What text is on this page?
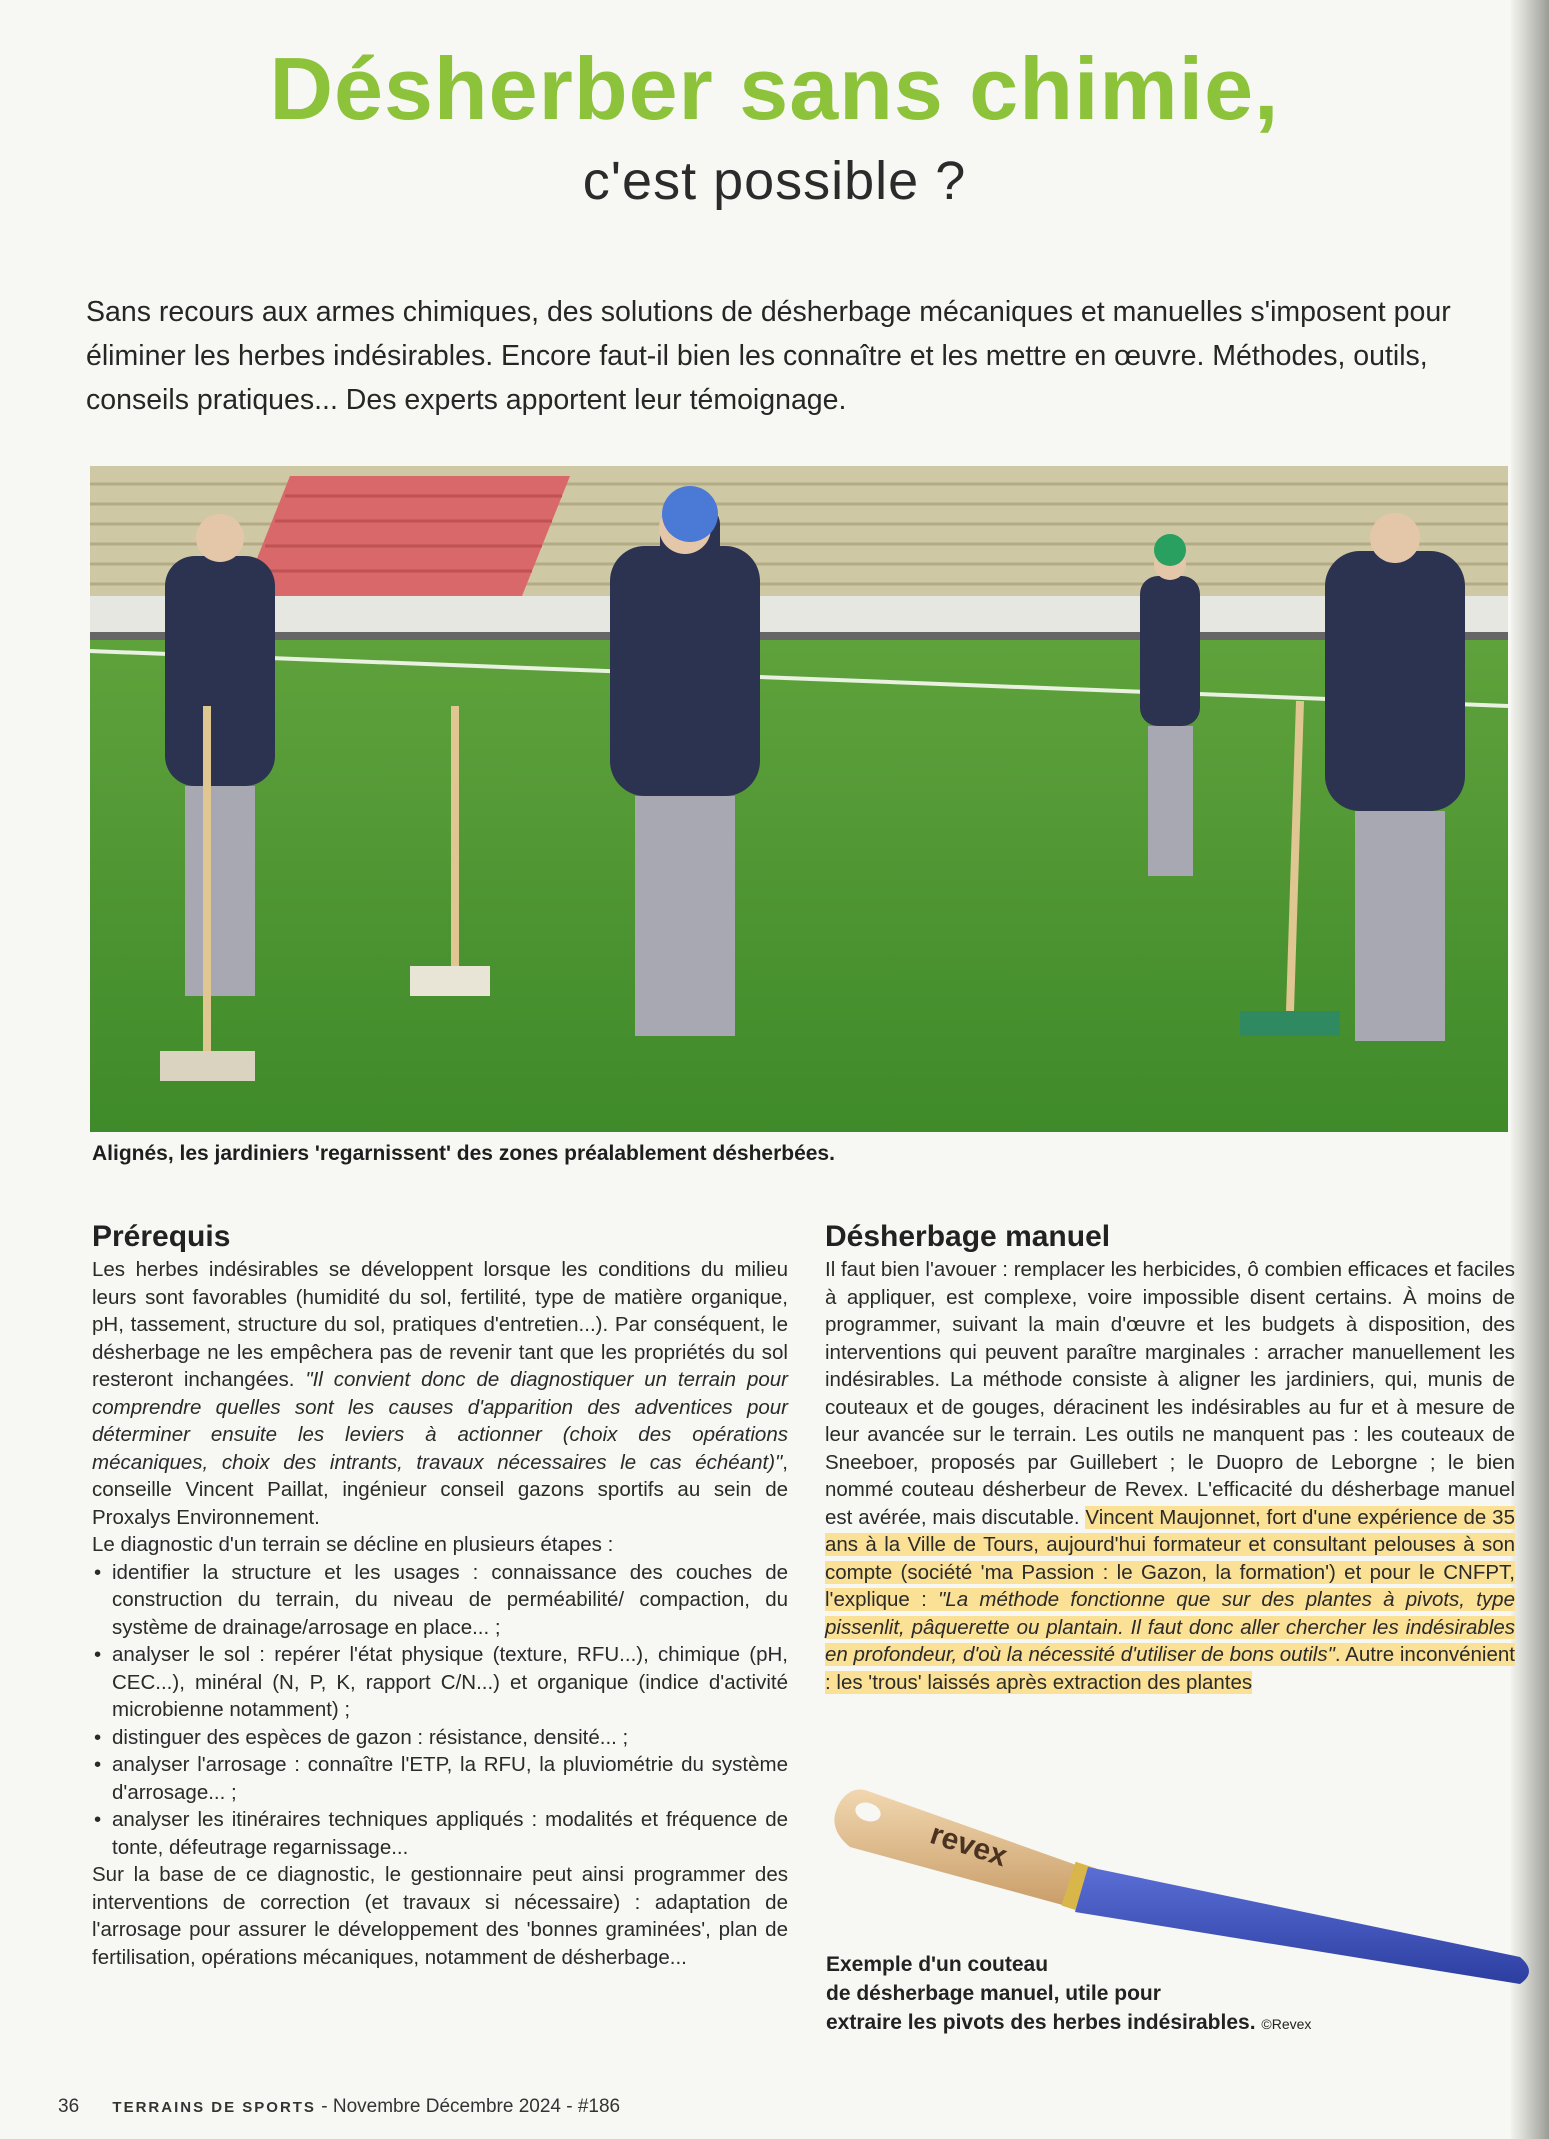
Désherber sans chimie,
c'est possible ?

Sans recours aux armes chimiques, des solutions de désherbage mécaniques et manuelles s'imposent pour éliminer les herbes indésirables. Encore faut-il bien les connaître et les mettre en œuvre. Méthodes, outils, conseils pratiques... Des experts apportent leur témoignage.

Alignés, les jardiniers 'regarnissent' des zones préalablement désherbées.

Prérequis

Les herbes indésirables se développent lorsque les conditions du milieu leurs sont favorables (humidité du sol, fertilité, type de matière organique, pH, tassement, structure du sol, pratiques d'entretien...). Par conséquent, le désherbage ne les empêchera pas de revenir tant que les propriétés du sol resteront inchangées. "Il convient donc de diagnostiquer un terrain pour comprendre quelles sont les causes d'apparition des adventices pour déterminer ensuite les leviers à actionner (choix des opérations mécaniques, choix des intrants, travaux nécessaires le cas échéant)", conseille Vincent Paillat, ingénieur conseil gazons sportifs au sein de Proxalys Environnement.

Le diagnostic d'un terrain se décline en plusieurs étapes :

• identifier la structure et les usages : connaissance des couches de construction du terrain, du niveau de perméabilité/ compaction, du système de drainage/arrosage en place... ;
• analyser le sol : repérer l'état physique (texture, RFU...), chimique (pH, CEC...), minéral (N, P, K, rapport C/N...) et organique (indice d'activité microbienne notamment) ;
• distinguer des espèces de gazon : résistance, densité... ;
• analyser l'arrosage : connaître l'ETP, la RFU, la pluviométrie du système d'arrosage... ;
• analyser les itinéraires techniques appliqués : modalités et fréquence de tonte, défeutrage regarnissage...

Sur la base de ce diagnostic, le gestionnaire peut ainsi programmer des interventions de correction (et travaux si nécessaire) : adaptation de l'arrosage pour assurer le développement des 'bonnes graminées', plan de fertilisation, opérations mécaniques, notamment de désherbage...

Désherbage manuel

Il faut bien l'avouer : remplacer les herbicides, ô combien efficaces et faciles à appliquer, est complexe, voire impossible disent certains. À moins de programmer, suivant la main d'œuvre et les budgets à disposition, des interventions qui peuvent paraître marginales : arracher manuellement les indésirables. La méthode consiste à aligner les jardiniers, qui, munis de couteaux et de gouges, déracinent les indésirables au fur et à mesure de leur avancée sur le terrain. Les outils ne manquent pas : les couteaux de Sneeboer, proposés par Guillebert ; le Duopro de Leborgne ; le bien nommé couteau désherbeur de Revex. L'efficacité du désherbage manuel est avérée, mais discutable. Vincent Maujonnet, fort d'une expérience de 35 ans à la Ville de Tours, aujourd'hui formateur et consultant pelouses à son compte (société 'ma Passion : le Gazon, la formation') et pour le CNFPT, l'explique : "La méthode fonctionne que sur des plantes à pivots, type pissenlit, pâquerette ou plantain. Il faut donc aller chercher les indésirables en profondeur, d'où la nécessité d'utiliser de bons outils". Autre inconvénient : les 'trous' laissés après extraction des plantes

revex

Exemple d'un couteau
de désherbage manuel, utile pour
extraire les pivots des herbes indésirables. ©Revex

36 TERRAINS DE SPORTS - Novembre Décembre 2024 - #186
